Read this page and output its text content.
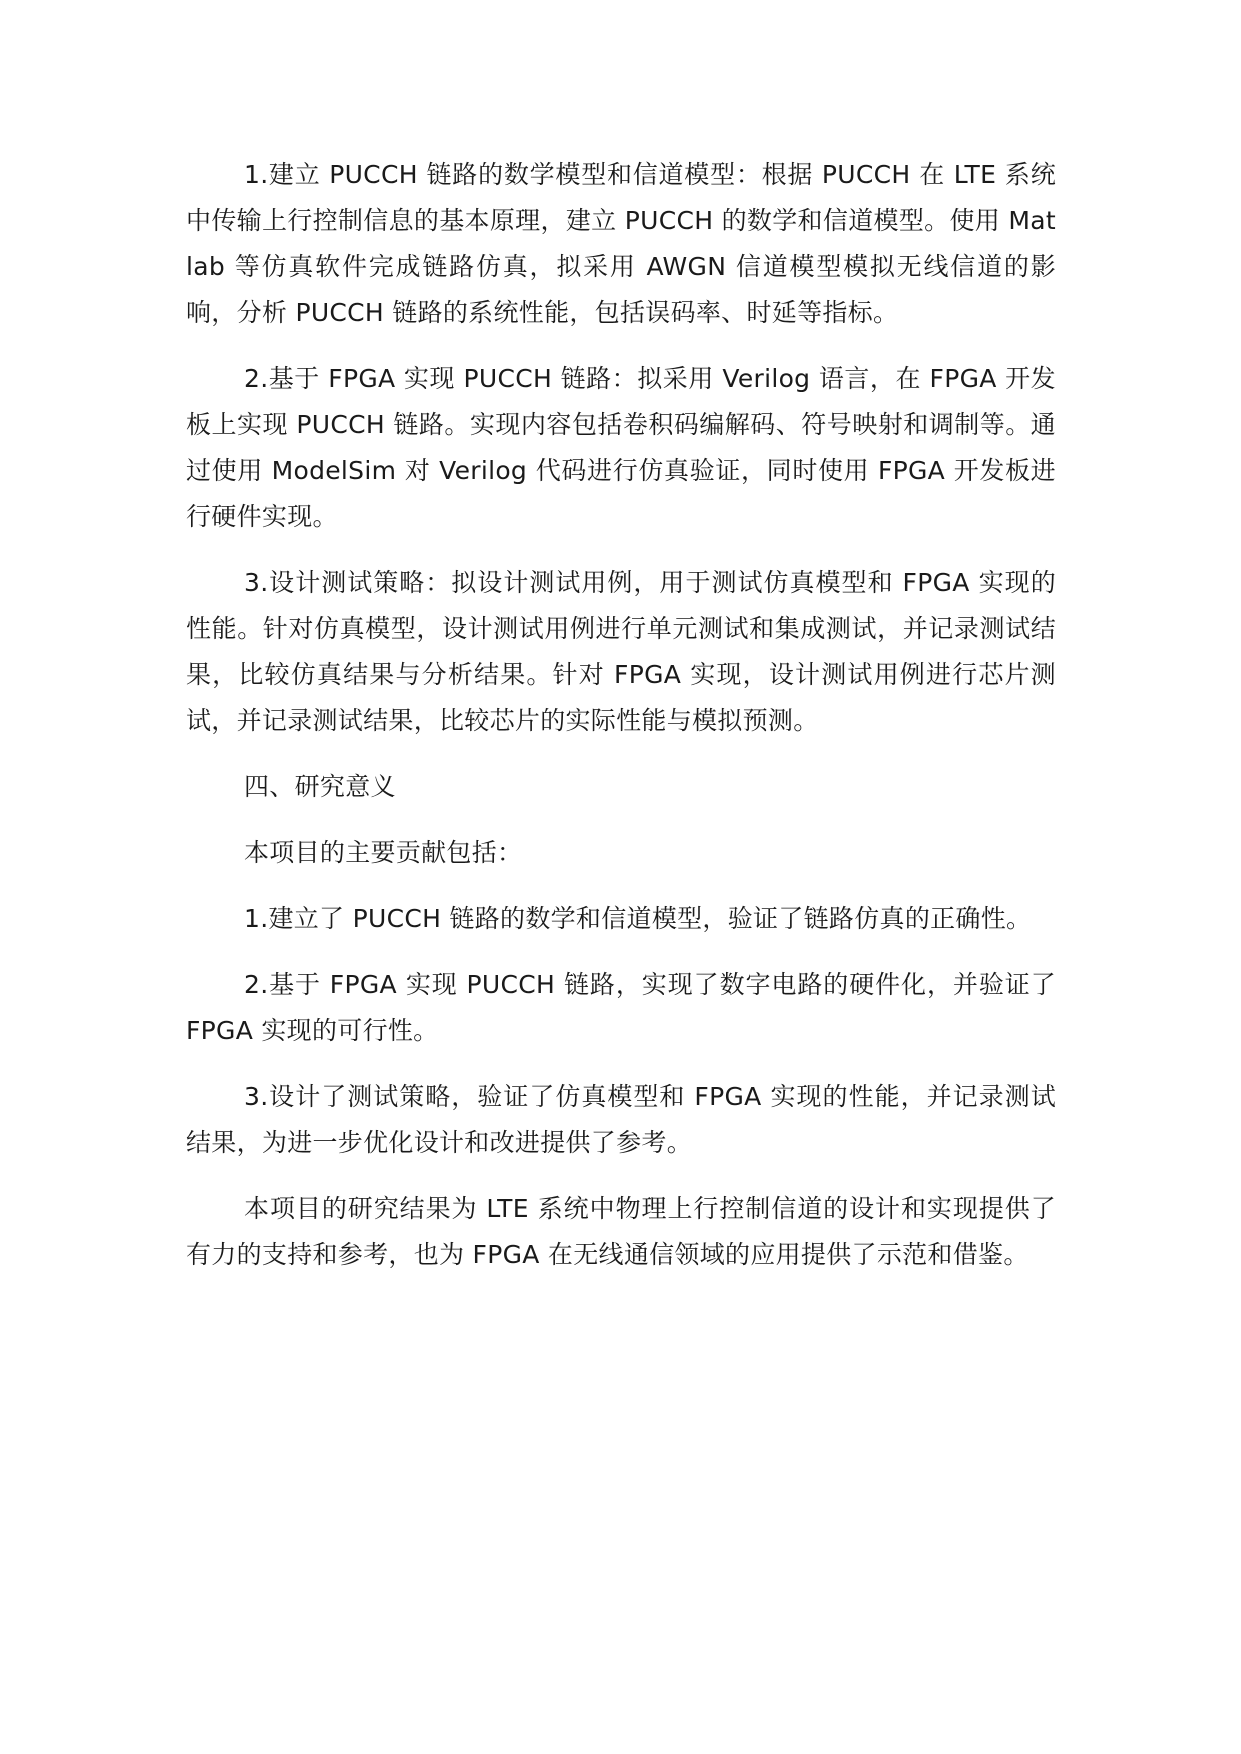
1.建立 PUCCH 链路的数学模型和信道模型：根据 PUCCH 在 LTE 系统中传输上行控制信息的基本原理，建立 PUCCH 的数学和信道模型。使用 Matlab 等仿真软件完成链路仿真，拟采用 AWGN 信道模型模拟无线信道的影响，分析 PUCCH 链路的系统性能，包括误码率、时延等指标。

2.基于 FPGA 实现 PUCCH 链路：拟采用 Verilog 语言，在 FPGA 开发板上实现 PUCCH 链路。实现内容包括卷积码编解码、符号映射和调制等。通过使用 ModelSim 对 Verilog 代码进行仿真验证，同时使用 FPGA 开发板进行硬件实现。

3.设计测试策略：拟设计测试用例，用于测试仿真模型和 FPGA 实现的性能。针对仿真模型，设计测试用例进行单元测试和集成测试，并记录测试结果，比较仿真结果与分析结果。针对 FPGA 实现，设计测试用例进行芯片测试，并记录测试结果，比较芯片的实际性能与模拟预测。

四、研究意义

本项目的主要贡献包括：

1.建立了 PUCCH 链路的数学和信道模型，验证了链路仿真的正确性。

2.基于 FPGA 实现 PUCCH 链路，实现了数字电路的硬件化，并验证了 FPGA 实现的可行性。

3.设计了测试策略，验证了仿真模型和 FPGA 实现的性能，并记录测试结果，为进一步优化设计和改进提供了参考。

本项目的研究结果为 LTE 系统中物理上行控制信道的设计和实现提供了有力的支持和参考，也为 FPGA 在无线通信领域的应用提供了示范和借鉴。
